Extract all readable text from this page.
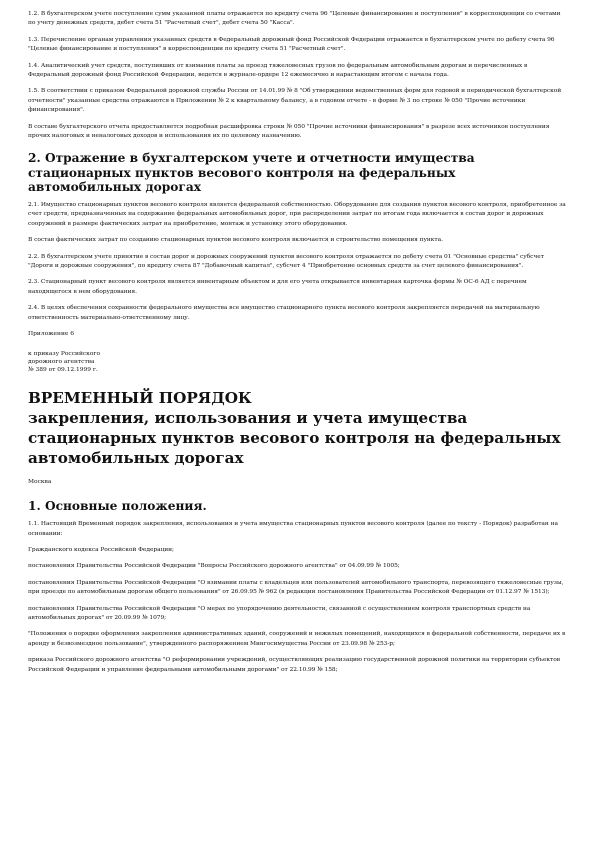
1.2. В бухгалтерском учете поступление сумм указанной платы отражается по кредиту счета 96 "Целевые финансирование и поступления" в корреспонденции со счетами по учету денежных средств, дебет счета 51 "Расчетный счет", дебет счета 50 "Касса".

1.3. Перечисление органам управления указанных средств в Федеральный дорожный фонд Российской Федерации отражается в бухгалтерском учете по дебету счета 96 "Целевые финансирование и поступления" в корреспонденции по кредиту счета 51 "Расчетный счет".

1.4. Аналитический учет средств, поступивших от взимания платы за проезд тяжеловесных грузов по федеральным автомобильным дорогам и перечисленных в Федеральный дорожный фонд Российской Федерации, ведется в журнале-ордере 12 ежемесячно и нарастающим итогом с начала года.

1.5. В соответствии с приказом Федеральной дорожной службы России от 14.01.99 № 8 "Об утверждении ведомственных форм для годовой и периодической бухгалтерской отчетности" указанные средства отражаются в Приложении № 2 к квартальному балансу, а в годовом отчете - в форме № 3 по строке № 050 "Прочие источники финансирования".

В составе бухгалтерского отчета предоставляется подробная расшифровка строки № 050 "Прочие источники финансирования" в разрезе всех источников поступления прочих налоговых и неналоговых доходов и использования их по целевому назначению.

2. Отражение в бухгалтерском учете и отчетности имущества стационарных пунктов весового контроля на федеральных автомобильных дорогах

2.1. Имущество стационарных пунктов весового контроля является федеральной собственностью. Оборудование для создания пунктов весового контроля, приобретенное за счет средств, предназначенных на содержание федеральных автомобильных дорог, при распределении затрат по итогам года включается в состав дорог и дорожных сооружений в размере фактических затрат на приобретение, монтаж и установку этого оборудования.

В состав фактических затрат по созданию стационарных пунктов весового контроля включается и строительство помещения пункта.

2.2. В бухгалтерском учете принятие в состав дорог и дорожных сооружений пунктов весового контроля отражается по дебету счета 01 "Основные средства" субсчет "Дороги и дорожные сооружения", по кредиту счета 87 "Добавочный капитал", субсчет 4 "Приобретение основных средств за счет целевого финансирования".

2.3. Стационарный пункт весового контроля является инвентарным объектом и для его учета открывается инвентарная карточка формы № ОС-6 АД с перечнем находящегося в нем оборудования.

2.4. В целях обеспечения сохранности федерального имущества все имущество стационарного пункта весового контроля закрепляется передачей на материальную ответственность материально-ответственному лицу.

Приложение 6

к приказу Российского

дорожного агентства

№ 389 от 09.12.1999 г.

ВРЕМЕННЫЙ ПОРЯДОК
закрепления, использования и учета имущества стационарных пунктов весового контроля на федеральных автомобильных дорогах

Москва

1. Основные положения.

1.1. Настоящий Временный порядок закрепления, использования и учета имущества стационарных пунктов весового контроля (далее по тексту - Порядок) разработан на основании:

Гражданского кодекса Российской Федерации;

постановления Правительства Российской Федерации "Вопросы Российского дорожного агентства" от 04.09.99 № 1005;

постановления Правительства Российской Федерации "О взимании платы с владельцев или пользователей автомобильного транспорта, перевозящего тяжеловесные грузы, при проезде по автомобильным дорогам общего пользования" от 26.09.95 № 962 (в редакции постановления Правительства Российской Федерации от 01.12.97 № 1513);

постановления Правительства Российской Федерации "О мерах по упорядочению деятельности, связанной с осуществлением контроля транспортных средств на автомобильных дорогах" от 20.09.99 № 1079;

"Положения о порядке оформления закрепления административных зданий, сооружений и нежилых помещений, находящихся в федеральной собственности, передаче их в аренду и безвозмездное пользование", утвержденного распоряжением Мингосимущества России от 23.09.98 № 253-р;

приказа Российского дорожного агентства "О реформировании учреждений, осуществляющих реализацию государственной дорожной политики на территории субъектов Российской Федерации и управление федеральными автомобильными дорогами" от 22.10.99 № 158;
